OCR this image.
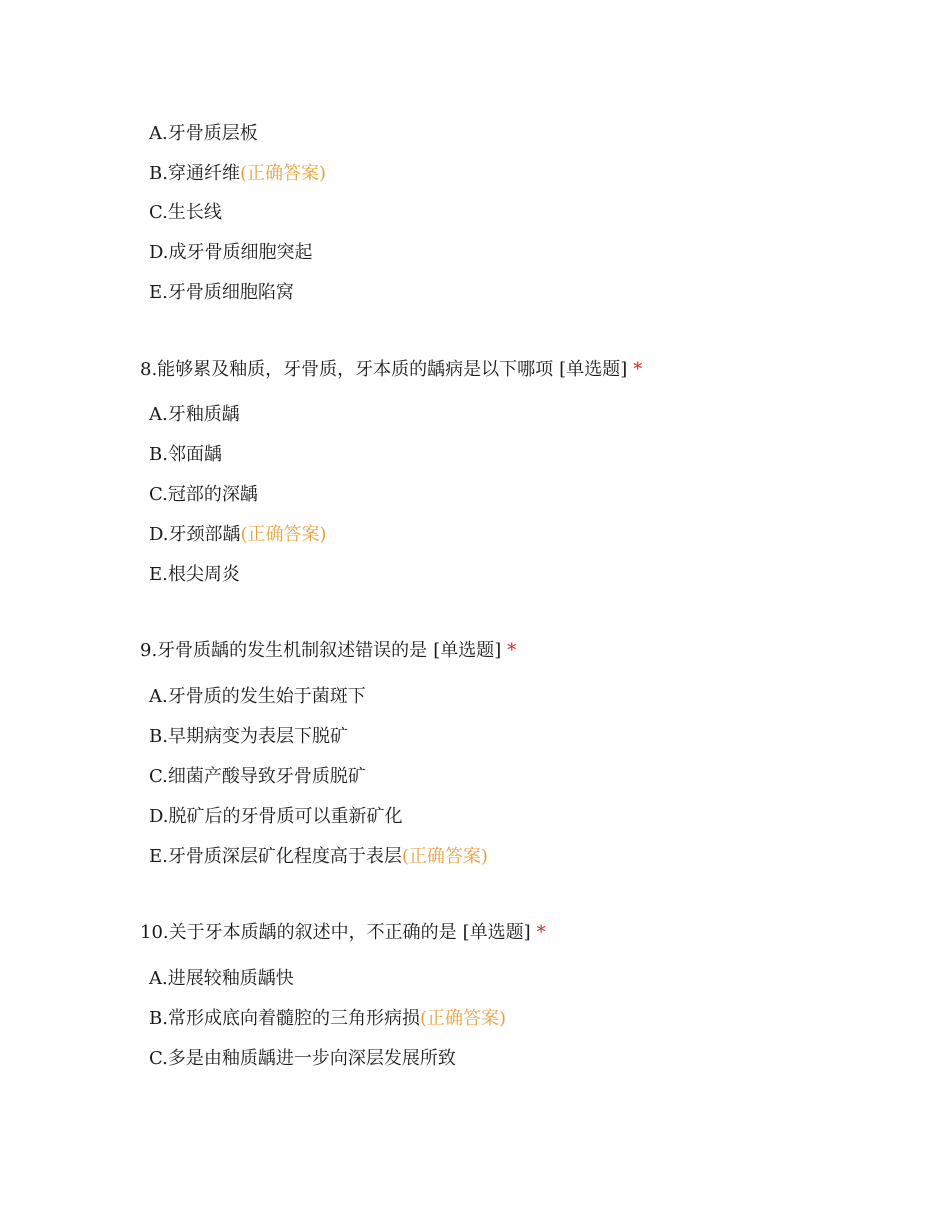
A.牙骨质层板
B.穿通纤维(正确答案)
C.生长线
D.成牙骨质细胞突起
E.牙骨质细胞陷窝
8.能够累及釉质，牙骨质，牙本质的龋病是以下哪项 [单选题] *
A.牙釉质龋
B.邻面龋
C.冠部的深龋
D.牙颈部龋(正确答案)
E.根尖周炎
9.牙骨质龋的发生机制叙述错误的是 [单选题] *
A.牙骨质的发生始于菌斑下
B.早期病变为表层下脱矿
C.细菌产酸导致牙骨质脱矿
D.脱矿后的牙骨质可以重新矿化
E.牙骨质深层矿化程度高于表层(正确答案)
10.关于牙本质龋的叙述中，不正确的是 [单选题] *
A.进展较釉质龋快
B.常形成底向着髓腔的三角形病损(正确答案)
C.多是由釉质龋进一步向深层发展所致
